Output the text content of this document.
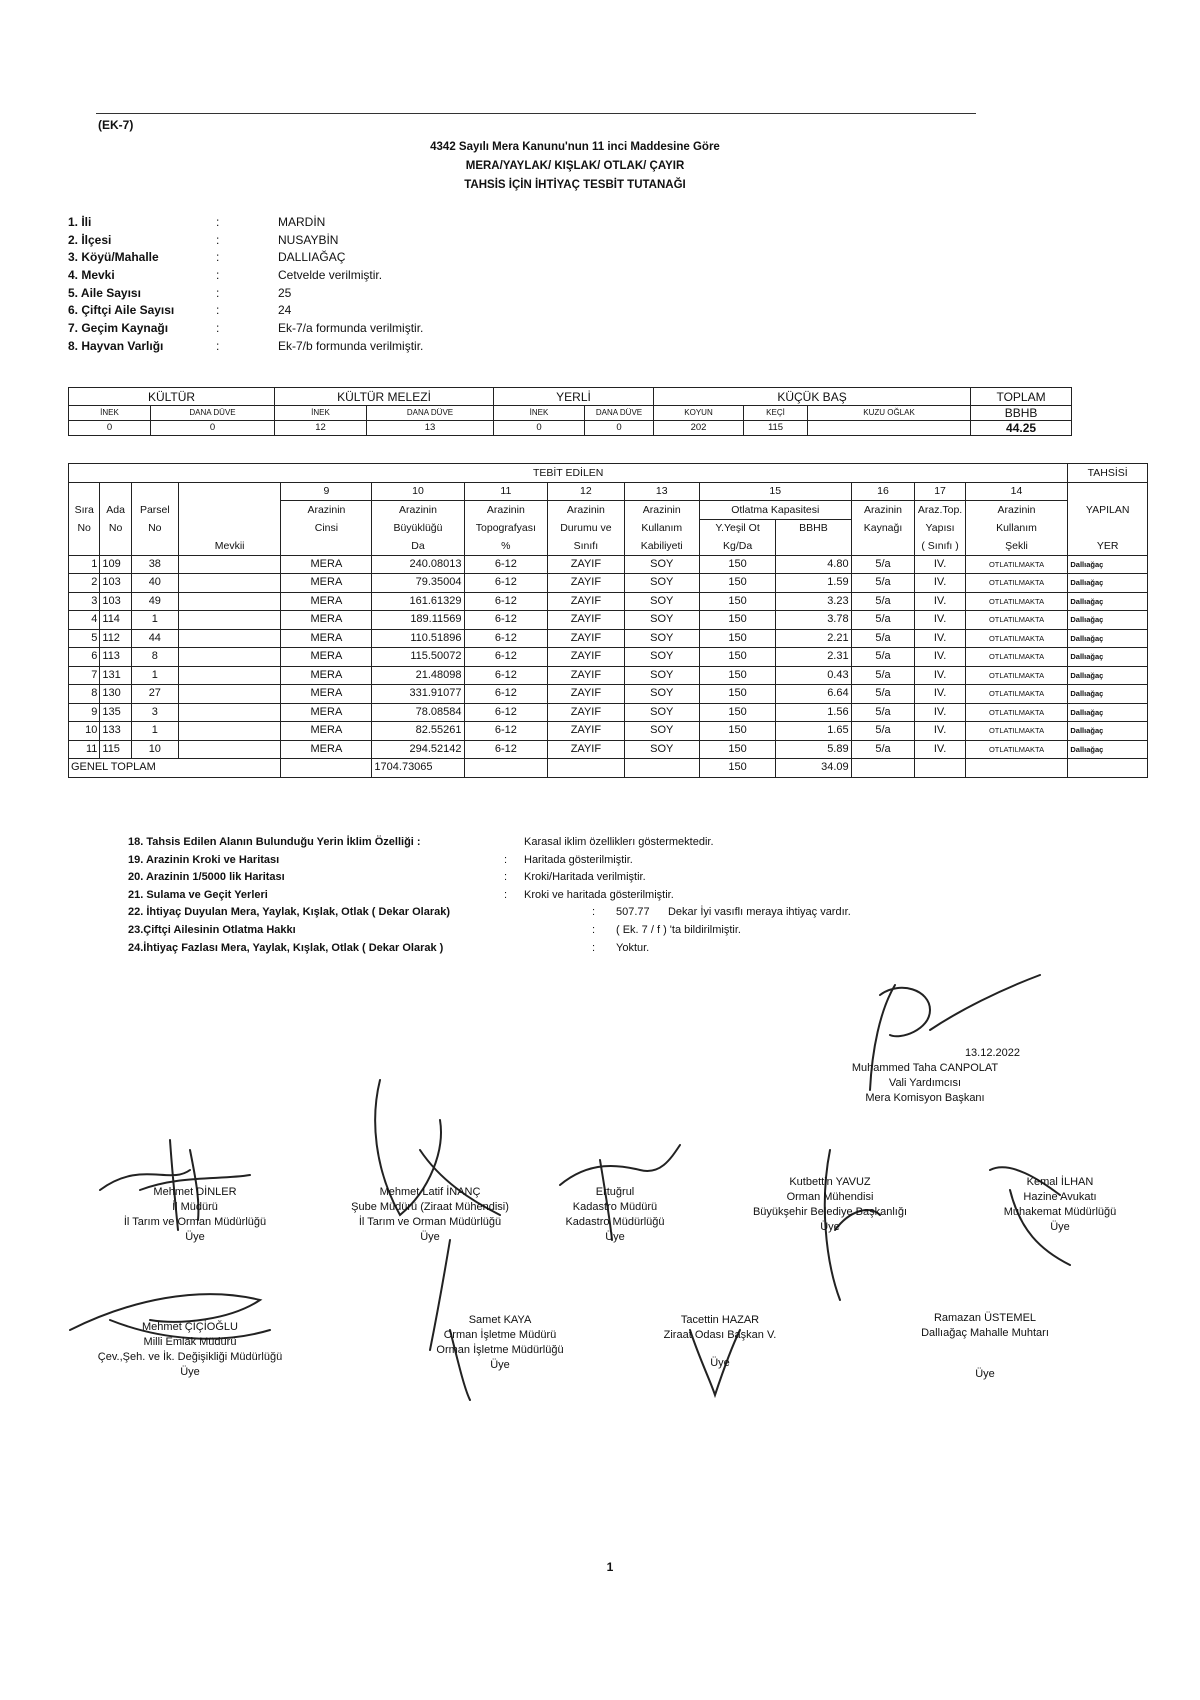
(EK-7)
4342 Sayılı Mera Kanunu'nun 11 inci Maddesine Göre
MERA/YAYLAK/ KIŞLAK/ OTLAK/ ÇAYIR
TAHSİS İÇİN İHTİYAÇ TESBİT TUTANAĞI
1. İli	:	MARDİN
2. İlçesi	:	NUSAYBİN
3. Köyü/Mahalle	:	DALLIAĞAÇ
4. Mevki	:	Cetvelde verilmiştir.
5. Aile Sayısı	:	25
6. Çiftçi Aile Sayısı	:	24
7. Geçim Kaynağı	:	Ek-7/a formunda verilmiştir.
8. Hayvan Varlığı	:	Ek-7/b formunda verilmiştir.
KÜLTÜR		KÜLTÜR MELEZİ		YERLİ		KÜÇÜK BAŞ			TOPLAM
İNEK	DANA DÜVE	İNEK	DANA DÜVE	İNEK	DANA DÜVE	KOYUN	KEÇİ	KUZU OĞLAK	BBHB
0	0	12	13	0	0	202	115		44.25
TEBİT EDİLEN														TAHSİSİ
				9	10	11	12	13	15		16	17	14	
Sıra	Ada	Parsel		Arazinin	Arazinin	Arazinin	Arazinin	Arazinin	Otlatma Kapasitesi		Arazinin	Araz.Top.	Arazinin	YAPILAN
No	No	No		Cinsi	Büyüklüğü	Topografyası	Durumu ve	Kullanım	Y.Yeşil Ot	BBHB	Kaynağı	Yapısı	Kullanım	
			Mevkii		Da	%	Sınıfı	Kabiliyeti	Kg/Da			( Sınıfı )	Şekli	YER
1	109	38		MERA	240.08013	6-12	ZAYIF	SOY	150	4.80	5/a	IV.	OTLATILMAKTA	Dallıağaç
2	103	40		MERA	79.35004	6-12	ZAYIF	SOY	150	1.59	5/a	IV.	OTLATILMAKTA	Dallıağaç
3	103	49		MERA	161.61329	6-12	ZAYIF	SOY	150	3.23	5/a	IV.	OTLATILMAKTA	Dallıağaç
4	114	1		MERA	189.11569	6-12	ZAYIF	SOY	150	3.78	5/a	IV.	OTLATILMAKTA	Dallıağaç
5	112	44		MERA	110.51896	6-12	ZAYIF	SOY	150	2.21	5/a	IV.	OTLATILMAKTA	Dallıağaç
6	113	8		MERA	115.50072	6-12	ZAYIF	SOY	150	2.31	5/a	IV.	OTLATILMAKTA	Dallıağaç
7	131	1		MERA	21.48098	6-12	ZAYIF	SOY	150	0.43	5/a	IV.	OTLATILMAKTA	Dallıağaç
8	130	27		MERA	331.91077	6-12	ZAYIF	SOY	150	6.64	5/a	IV.	OTLATILMAKTA	Dallıağaç
9	135	3		MERA	78.08584	6-12	ZAYIF	SOY	150	1.56	5/a	IV.	OTLATILMAKTA	Dallıağaç
10	133	1		MERA	82.55261	6-12	ZAYIF	SOY	150	1.65	5/a	IV.	OTLATILMAKTA	Dallıağaç
11	115	10		MERA	294.52142	6-12	ZAYIF	SOY	150	5.89	5/a	IV.	OTLATILMAKTA	Dallıağaç
GENEL TOPLAM					1704.73065				150	34.09				
18. Tahsis Edilen Alanın Bulunduğu Yerin İklim Özelliği :	Karasal iklim özelliklerı göstermektedir.
19. Arazinin Kroki ve Haritası	: Haritada gösterilmiştir.
20. Arazinin 1/5000 lik Haritası	: Kroki/Haritada verilmiştir.
21. Sulama ve Geçit Yerleri	: Kroki ve haritada gösterilmiştir.
22. İhtiyaç Duyulan Mera, Yaylak, Kışlak, Otlak ( Dekar Olarak)	: 507.77      Dekar İyi vasıflı meraya ihtiyaç vardır.
23.Çiftçi Ailesinin Otlatma Hakkı	: ( Ek. 7 / f ) 'ta bildirilmiştir.
24.İhtiyaç Fazlası Mera, Yaylak, Kışlak, Otlak ( Dekar Olarak )	: Yoktur.
13.12.2022
Muhammed Taha CANPOLAT
Vali Yardımcısı
Mera Komisyon Başkanı
Mehmet DİNLER
İl Müdürü
İl Tarım ve Orman Müdürlüğü
Üye
Mehmet Latif İNANÇ
Şube Müdürü (Ziraat Mühendisi)
İl Tarım ve Orman Müdürlüğü
Üye
Ertuğrul
Kadastro Müdürü
Kadastro Müdürlüğü
Üye
Kutbettin YAVUZ
Orman Mühendisi
Büyükşehir Belediye Başkanlığı
Üye
Kemal İLHAN
Hazine Avukatı
Muhakemat Müdürlüğü
Üye
Mehmet ÇİÇİOĞLU
Milli Emlak Müdürü
Çev.,Şeh. ve İk. Değişikliği Müdürlüğü
Üye
Samet KAYA
Orman İşletme Müdürü
Orman İşletme Müdürlüğü
Üye
Tacettin HAZAR
Ziraat Odası Başkan V.
Üye
Ramazan ÜSTEMEL
Dallıağaç Mahalle Muhtarı
Üye
1
